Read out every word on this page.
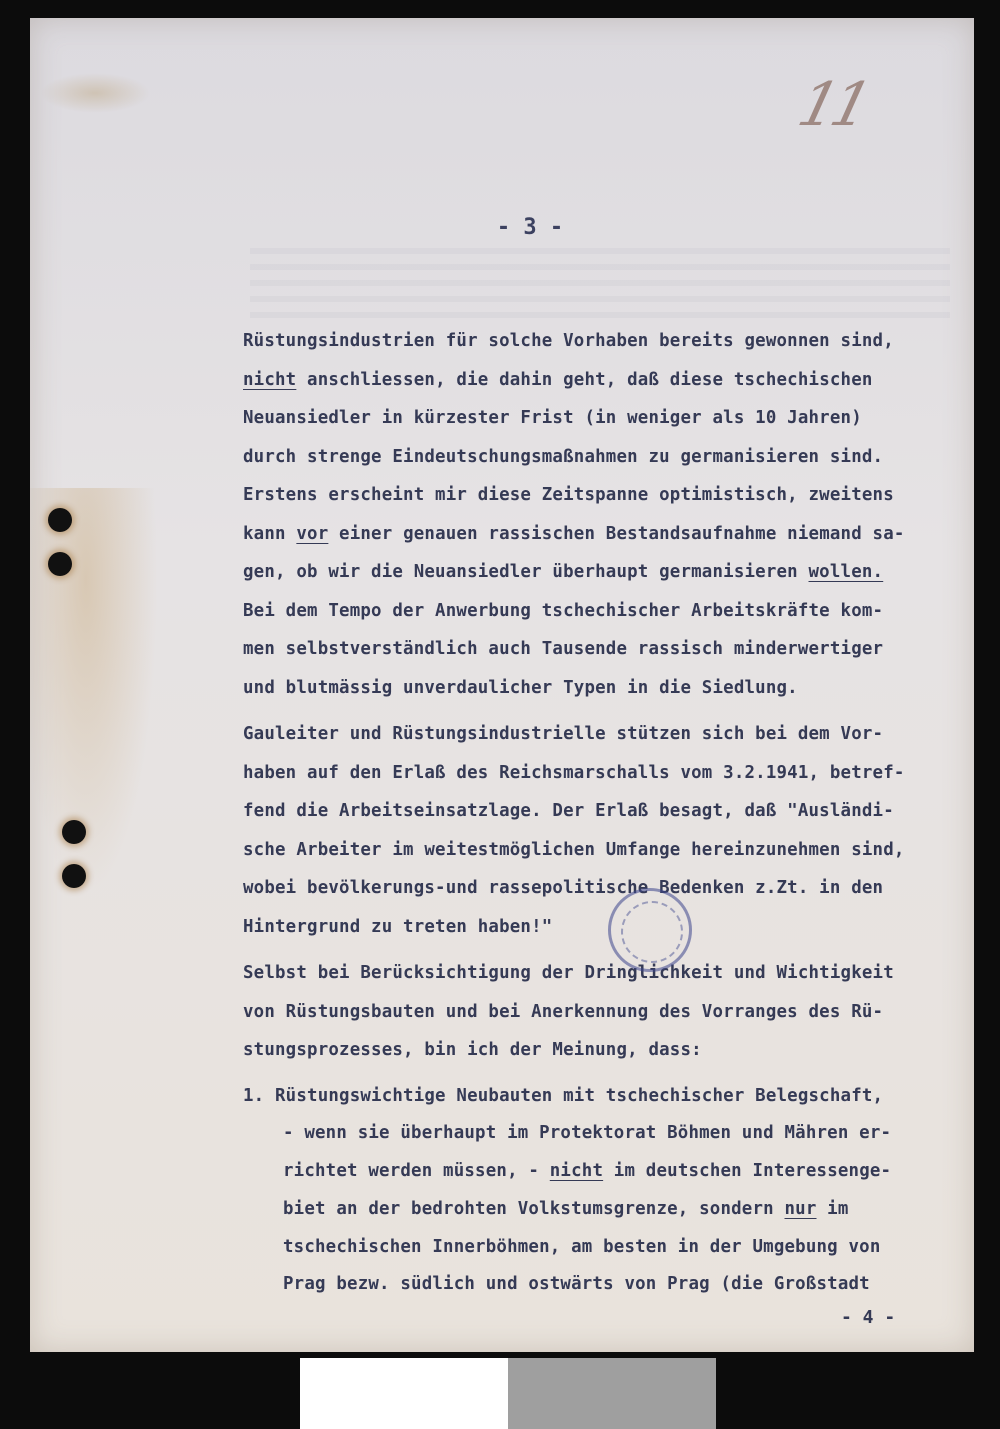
11
- 3 -
Rüstungsindustrien für solche Vorhaben bereits gewonnen sind,
nicht anschliessen, die dahin geht, daß diese tschechischen
Neuansiedler in kürzester Frist (in weniger als 10 Jahren)
durch strenge Eindeutschungsmaßnahmen zu germanisieren sind.
Erstens erscheint mir diese Zeitspanne optimistisch, zweitens
kann vor einer genauen rassischen Bestandsaufnahme niemand sa-
gen, ob wir die Neuansiedler überhaupt germanisieren wollen.
Bei dem Tempo der Anwerbung tschechischer Arbeitskräfte kom-
men selbstverständlich auch Tausende rassisch minderwertiger
und blutmässig unverdaulicher Typen in die Siedlung.
Gauleiter und Rüstungsindustrielle stützen sich bei dem Vor-
haben auf den Erlaß des Reichsmarschalls vom 3.2.1941, betref-
fend die Arbeitseinsatzlage. Der Erlaß besagt, daß "Ausländi-
sche Arbeiter im weitestmöglichen Umfange hereinzunehmen sind,
wobei bevölkerungs-und rassepolitische Bedenken z.Zt. in den
Hintergrund zu treten haben!"
Selbst bei Berücksichtigung der Dringlichkeit und Wichtigkeit
von Rüstungsbauten und bei Anerkennung des Vorranges des Rü-
stungsprozesses, bin ich der Meinung, dass:
1. Rüstungswichtige Neubauten mit tschechischer Belegschaft,
- wenn sie überhaupt im Protektorat Böhmen und Mähren er-
richtet werden müssen, - nicht im deutschen Interessenge-
biet an der bedrohten Volkstumsgrenze, sondern nur im
tschechischen Innerböhmen, am besten in der Umgebung von
Prag bezw. südlich und ostwärts von Prag (die Großstadt
- 4 -
